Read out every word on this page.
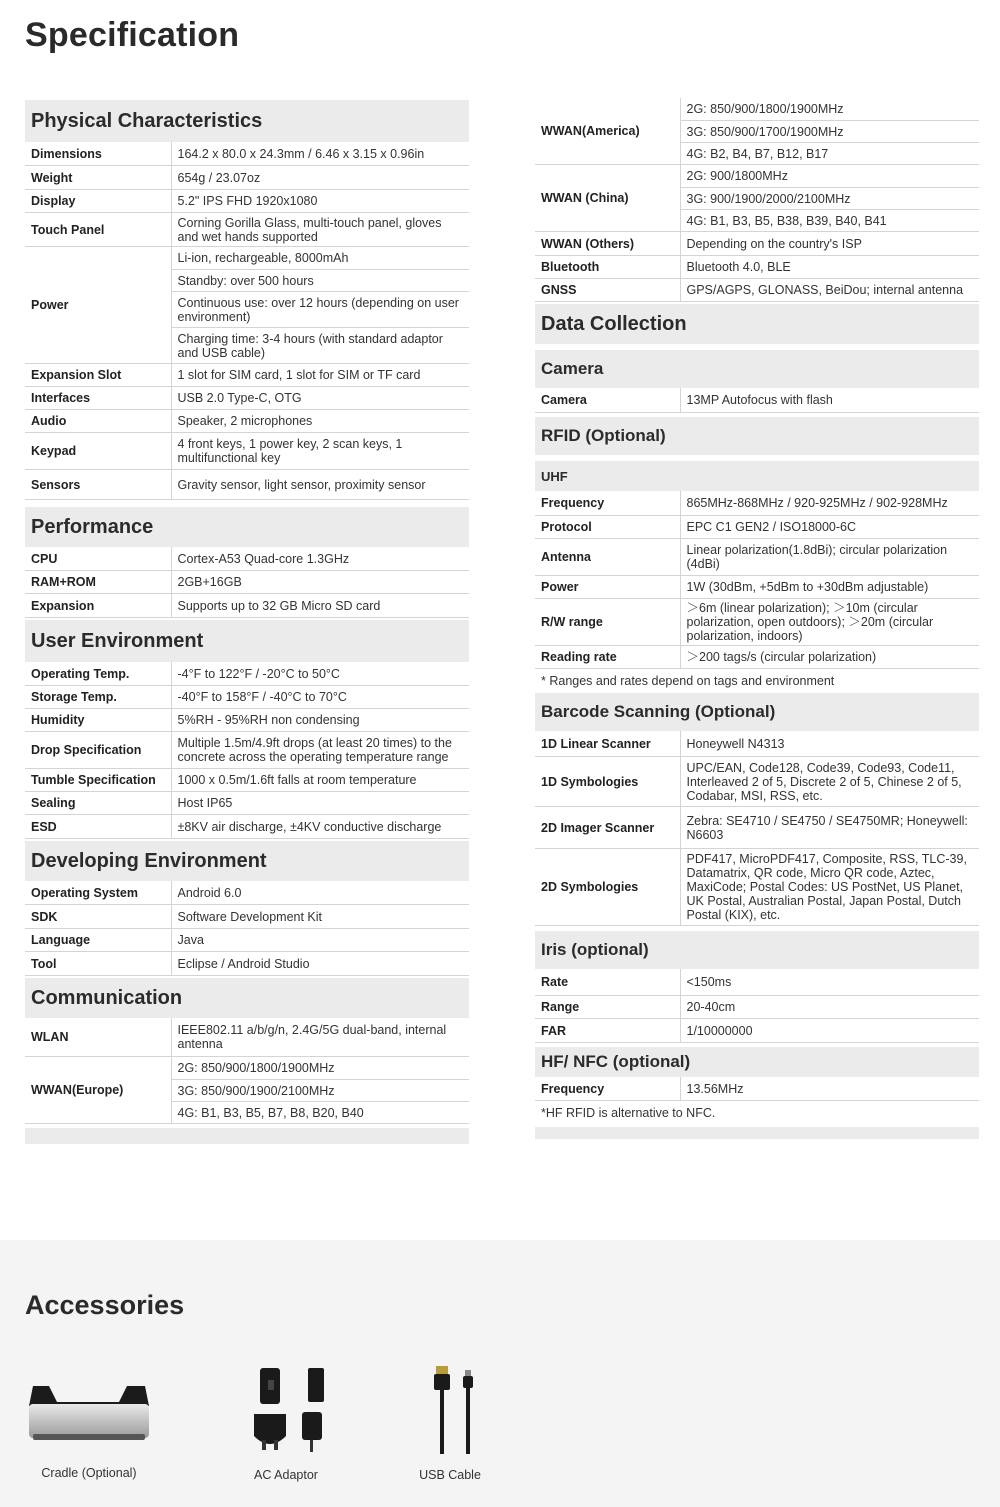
Specification
Physical Characteristics
Dimensions	164.2 x 80.0 x 24.3mm / 6.46 x 3.15 x 0.96in

Weight	654g / 23.07oz

Display	5.2" IPS FHD 1920x1080

Touch Panel	Corning Gorilla Glass, multi-touch panel, gloves and wet hands supported

Power	Li-ion, rechargeable, 8000mAh
Standby: over 500 hours
Continuous use: over 12 hours (depending on user environment)
Charging time: 3-4 hours (with standard adaptor and USB cable)

Expansion Slot	1 slot for SIM card, 1 slot for SIM or TF card

Interfaces	USB 2.0 Type-C, OTG

Audio	Speaker, 2 microphones

Keypad	4 front keys, 1 power key, 2 scan keys, 1 multifunctional key

Sensors	Gravity sensor, light sensor, proximity sensor
Performance
CPU	Cortex-A53 Quad-core 1.3GHz

RAM+ROM	2GB+16GB

Expansion	Supports up to 32 GB Micro SD card
User Environment
Operating Temp.	-4°F to 122°F / -20°C to 50°C

Storage Temp.	-40°F to 158°F / -40°C to 70°C

Humidity	5%RH - 95%RH non condensing

Drop Specification	Multiple 1.5m/4.9ft drops (at least 20 times) to the concrete across the operating temperature range

Tumble Specification	1000 x 0.5m/1.6ft falls at room temperature

Sealing	Host IP65

ESD	±8KV air discharge, ±4KV conductive discharge
Developing Environment
Operating System	Android 6.0

SDK	Software Development Kit

Language	Java

Tool	Eclipse / Android Studio
Communication
WLAN	IEEE802.11 a/b/g/n, 2.4G/5G dual-band, internal antenna

WWAN(Europe)	2G: 850/900/1800/1900MHz
3G: 850/900/1900/2100MHz
4G: B1, B3, B5, B7, B8, B20, B40
WWAN(America)	2G: 850/900/1800/1900MHz
3G: 850/900/1700/1900MHz
4G: B2, B4, B7, B12, B17

WWAN (China)	2G: 900/1800MHz
3G: 900/1900/2000/2100MHz
4G: B1, B3, B5, B38, B39, B40, B41

WWAN (Others)	Depending on the country's ISP

Bluetooth	Bluetooth 4.0, BLE

GNSS	GPS/AGPS, GLONASS, BeiDou; internal antenna
Data Collection
Camera
Camera	13MP Autofocus with flash
RFID (Optional)
UHF
Frequency	865MHz-868MHz / 920-925MHz / 902-928MHz

Protocol	EPC C1 GEN2 / ISO18000-6C

Antenna	Linear polarization(1.8dBi); circular polarization (4dBi)

Power	1W (30dBm, +5dBm to +30dBm adjustable)

R/W range	＞6m (linear polarization); ＞10m (circular polarization, open outdoors); ＞20m (circular polarization, indoors)

Reading rate	＞200 tags/s (circular polarization)
* Ranges and rates depend on tags and environment
Barcode Scanning (Optional)
1D Linear Scanner	Honeywell N4313

1D Symbologies	UPC/EAN, Code128, Code39, Code93, Code11, Interleaved 2 of 5, Discrete 2 of 5, Chinese 2 of 5, Codabar, MSI, RSS, etc.

2D Imager Scanner	Zebra: SE4710 / SE4750 / SE4750MR; Honeywell: N6603

2D Symbologies	PDF417, MicroPDF417, Composite, RSS, TLC-39, Datamatrix, QR code, Micro QR code, Aztec, MaxiCode; Postal Codes: US PostNet, US Planet, UK Postal, Australian Postal, Japan Postal, Dutch Postal (KIX), etc.
Iris (optional)
Rate	<150ms

Range	20-40cm

FAR	1/10000000
HF/ NFC (optional)
Frequency	13.56MHz
*HF RFID is alternative to NFC.
Accessories
Cradle (Optional)	AC Adaptor	USB Cable
